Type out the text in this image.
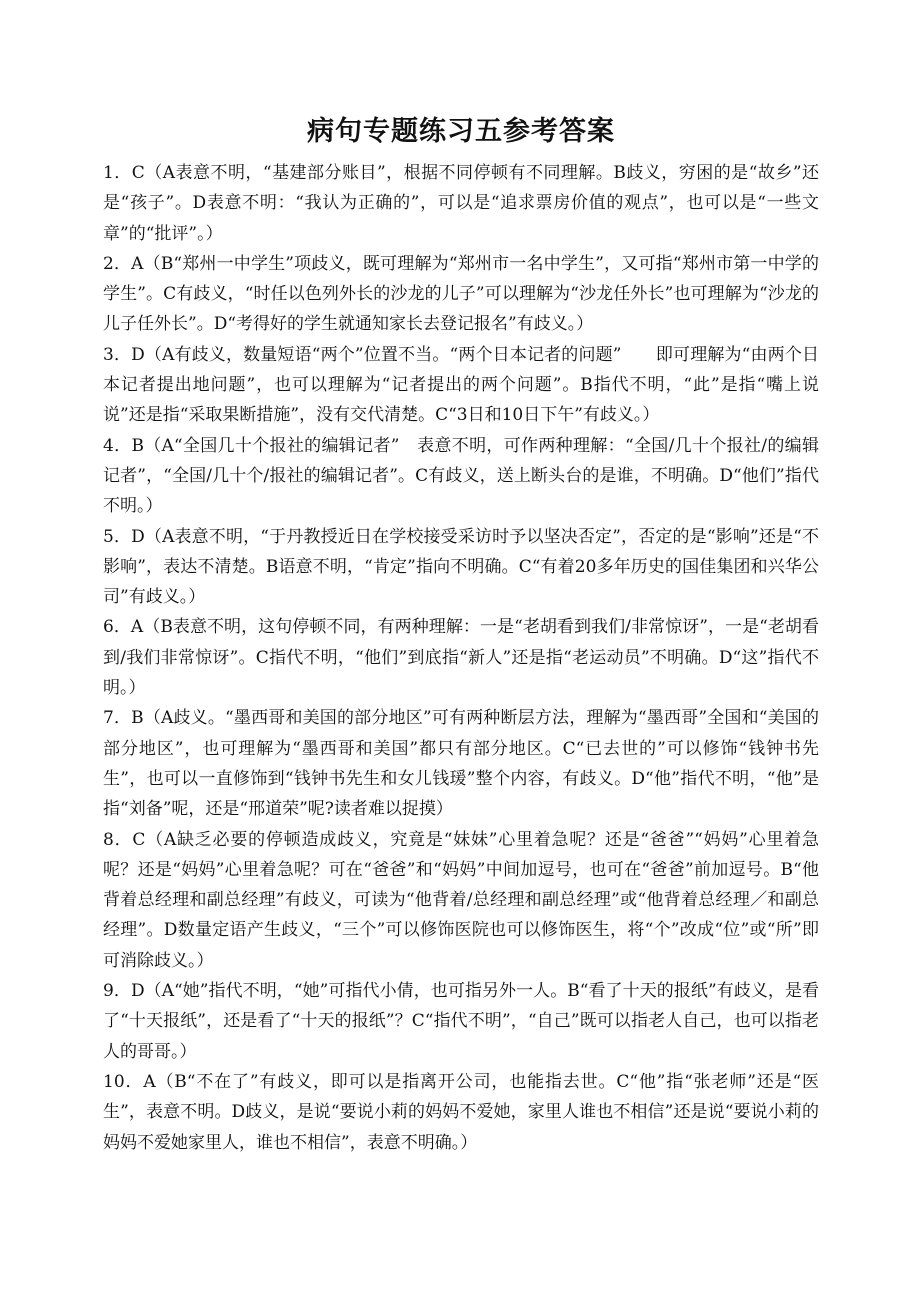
病句专题练习五参考答案

1．C（A表意不明，“基建部分账目”，根据不同停顿有不同理解。B歧义，穷困的是“故乡”还是“孩子”。D表意不明：“我认为正确的”，可以是“追求票房价值的观点”，也可以是“一些文章”的“批评”。）

2．A（B“郑州一中学生”项歧义，既可理解为“郑州市一名中学生”，又可指“郑州市第一中学的学生”。C有歧义，“时任以色列外长的沙龙的儿子”可以理解为“沙龙任外长”也可理解为“沙龙的儿子任外长”。D“考得好的学生就通知家长去登记报名”有歧义。）

3．D（A有歧义，数量短语“两个”位置不当。“两个日本记者的问题”　　即可理解为“由两个日本记者提出地问题”，也可以理解为“记者提出的两个问题”。B指代不明，“此”是指“嘴上说说”还是指“采取果断措施”，没有交代清楚。C“3日和10日下午”有歧义。）

4．B（A“全国几十个报社的编辑记者”　表意不明，可作两种理解：“全国/几十个报社/的编辑记者”，“全国/几十个/报社的编辑记者”。C有歧义，送上断头台的是谁，不明确。D“他们”指代不明。）

5．D（A表意不明，“于丹教授近日在学校接受采访时予以坚决否定”，否定的是“影响”还是“不影响”，表达不清楚。B语意不明，“肯定”指向不明确。C“有着20多年历史的国佳集团和兴华公司”有歧义。）

6．A（B表意不明，这句停顿不同，有两种理解：一是“老胡看到我们/非常惊讶”，一是“老胡看到/我们非常惊讶”。C指代不明，“他们”到底指“新人”还是指“老运动员”不明确。D“这”指代不明。）

7．B（A歧义。“墨西哥和美国的部分地区”可有两种断层方法，理解为“墨西哥”全国和“美国的部分地区”，也可理解为“墨西哥和美国”都只有部分地区。C“已去世的”可以修饰“钱钟书先生”，也可以一直修饰到“钱钟书先生和女儿钱瑗”整个内容，有歧义。D“他”指代不明，“他”是指“刘备”呢，还是“邢道荣”呢?读者难以捉摸）

8．C（A缺乏必要的停顿造成歧义，究竟是“妹妹”心里着急呢？还是“爸爸”“妈妈”心里着急呢？还是“妈妈”心里着急呢？可在“爸爸”和“妈妈”中间加逗号，也可在“爸爸”前加逗号。B“他背着总经理和副总经理”有歧义，可读为“他背着/总经理和副总经理”或“他背着总经理／和副总经理”。D数量定语产生歧义，“三个”可以修饰医院也可以修饰医生，将“个”改成“位”或“所”即可消除歧义。）

9．D（A“她”指代不明，“她”可指代小倩，也可指另外一人。B“看了十天的报纸”有歧义，是看了“十天报纸”，还是看了“十天的报纸”？C“指代不明”，“自己”既可以指老人自己，也可以指老人的哥哥。）

10．A（B“不在了”有歧义，即可以是指离开公司，也能指去世。C“他”指“张老师”还是“医生”，表意不明。D歧义，是说“要说小莉的妈妈不爱她，家里人谁也不相信”还是说“要说小莉的妈妈不爱她家里人，谁也不相信”，表意不明确。）
